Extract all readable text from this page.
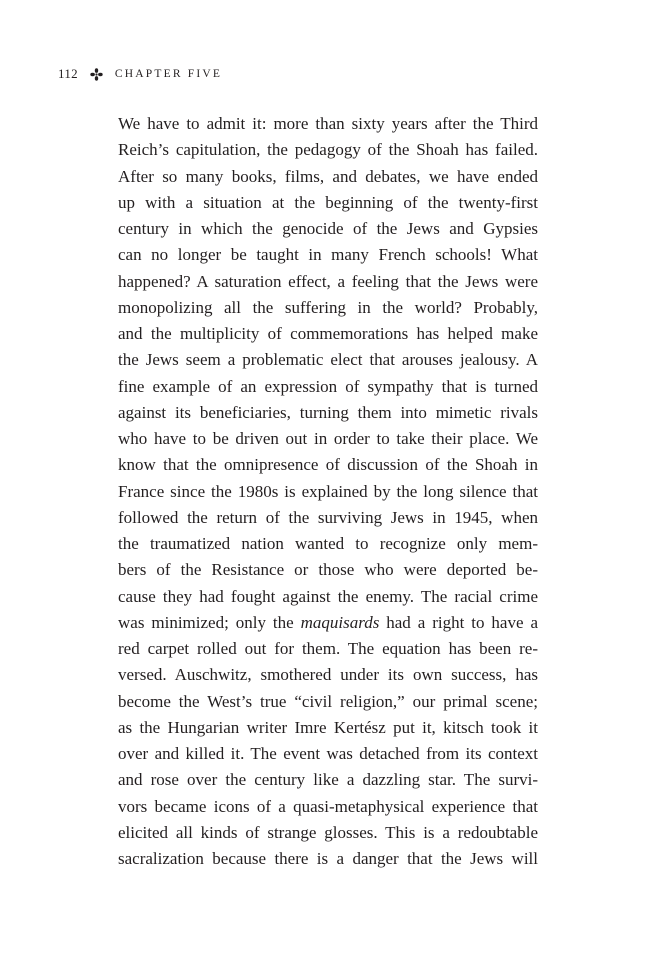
112	CHAPTER FIVE
We have to admit it: more than sixty years after the Third
Reich’s capitulation, the pedagogy of the Shoah has failed.
After so many books, films, and debates, we have ended
up with a situation at the beginning of the twenty-first
century in which the genocide of the Jews and Gypsies
can no longer be taught in many French schools! What
happened? A saturation effect, a feeling that the Jews were
monopolizing all the suffering in the world? Probably,
and the multiplicity of commemorations has helped make
the Jews seem a problematic elect that arouses jealousy. A
fine example of an expression of sympathy that is turned
against its beneficiaries, turning them into mimetic rivals
who have to be driven out in order to take their place. We
know that the omnipresence of discussion of the Shoah in
France since the 1980s is explained by the long silence that
followed the return of the surviving Jews in 1945, when
the traumatized nation wanted to recognize only mem-
bers of the Resistance or those who were deported be-
cause they had fought against the enemy. The racial crime
was minimized; only the maquisards had a right to have a
red carpet rolled out for them. The equation has been re-
versed. Auschwitz, smothered under its own success, has
become the West’s true “civil religion,” our primal scene;
as the Hungarian writer Imre Kertész put it, kitsch took it
over and killed it. The event was detached from its context
and rose over the century like a dazzling star. The survi-
vors became icons of a quasi-metaphysical experience that
elicited all kinds of strange glosses. This is a redoubtable
sacralization because there is a danger that the Jews will
